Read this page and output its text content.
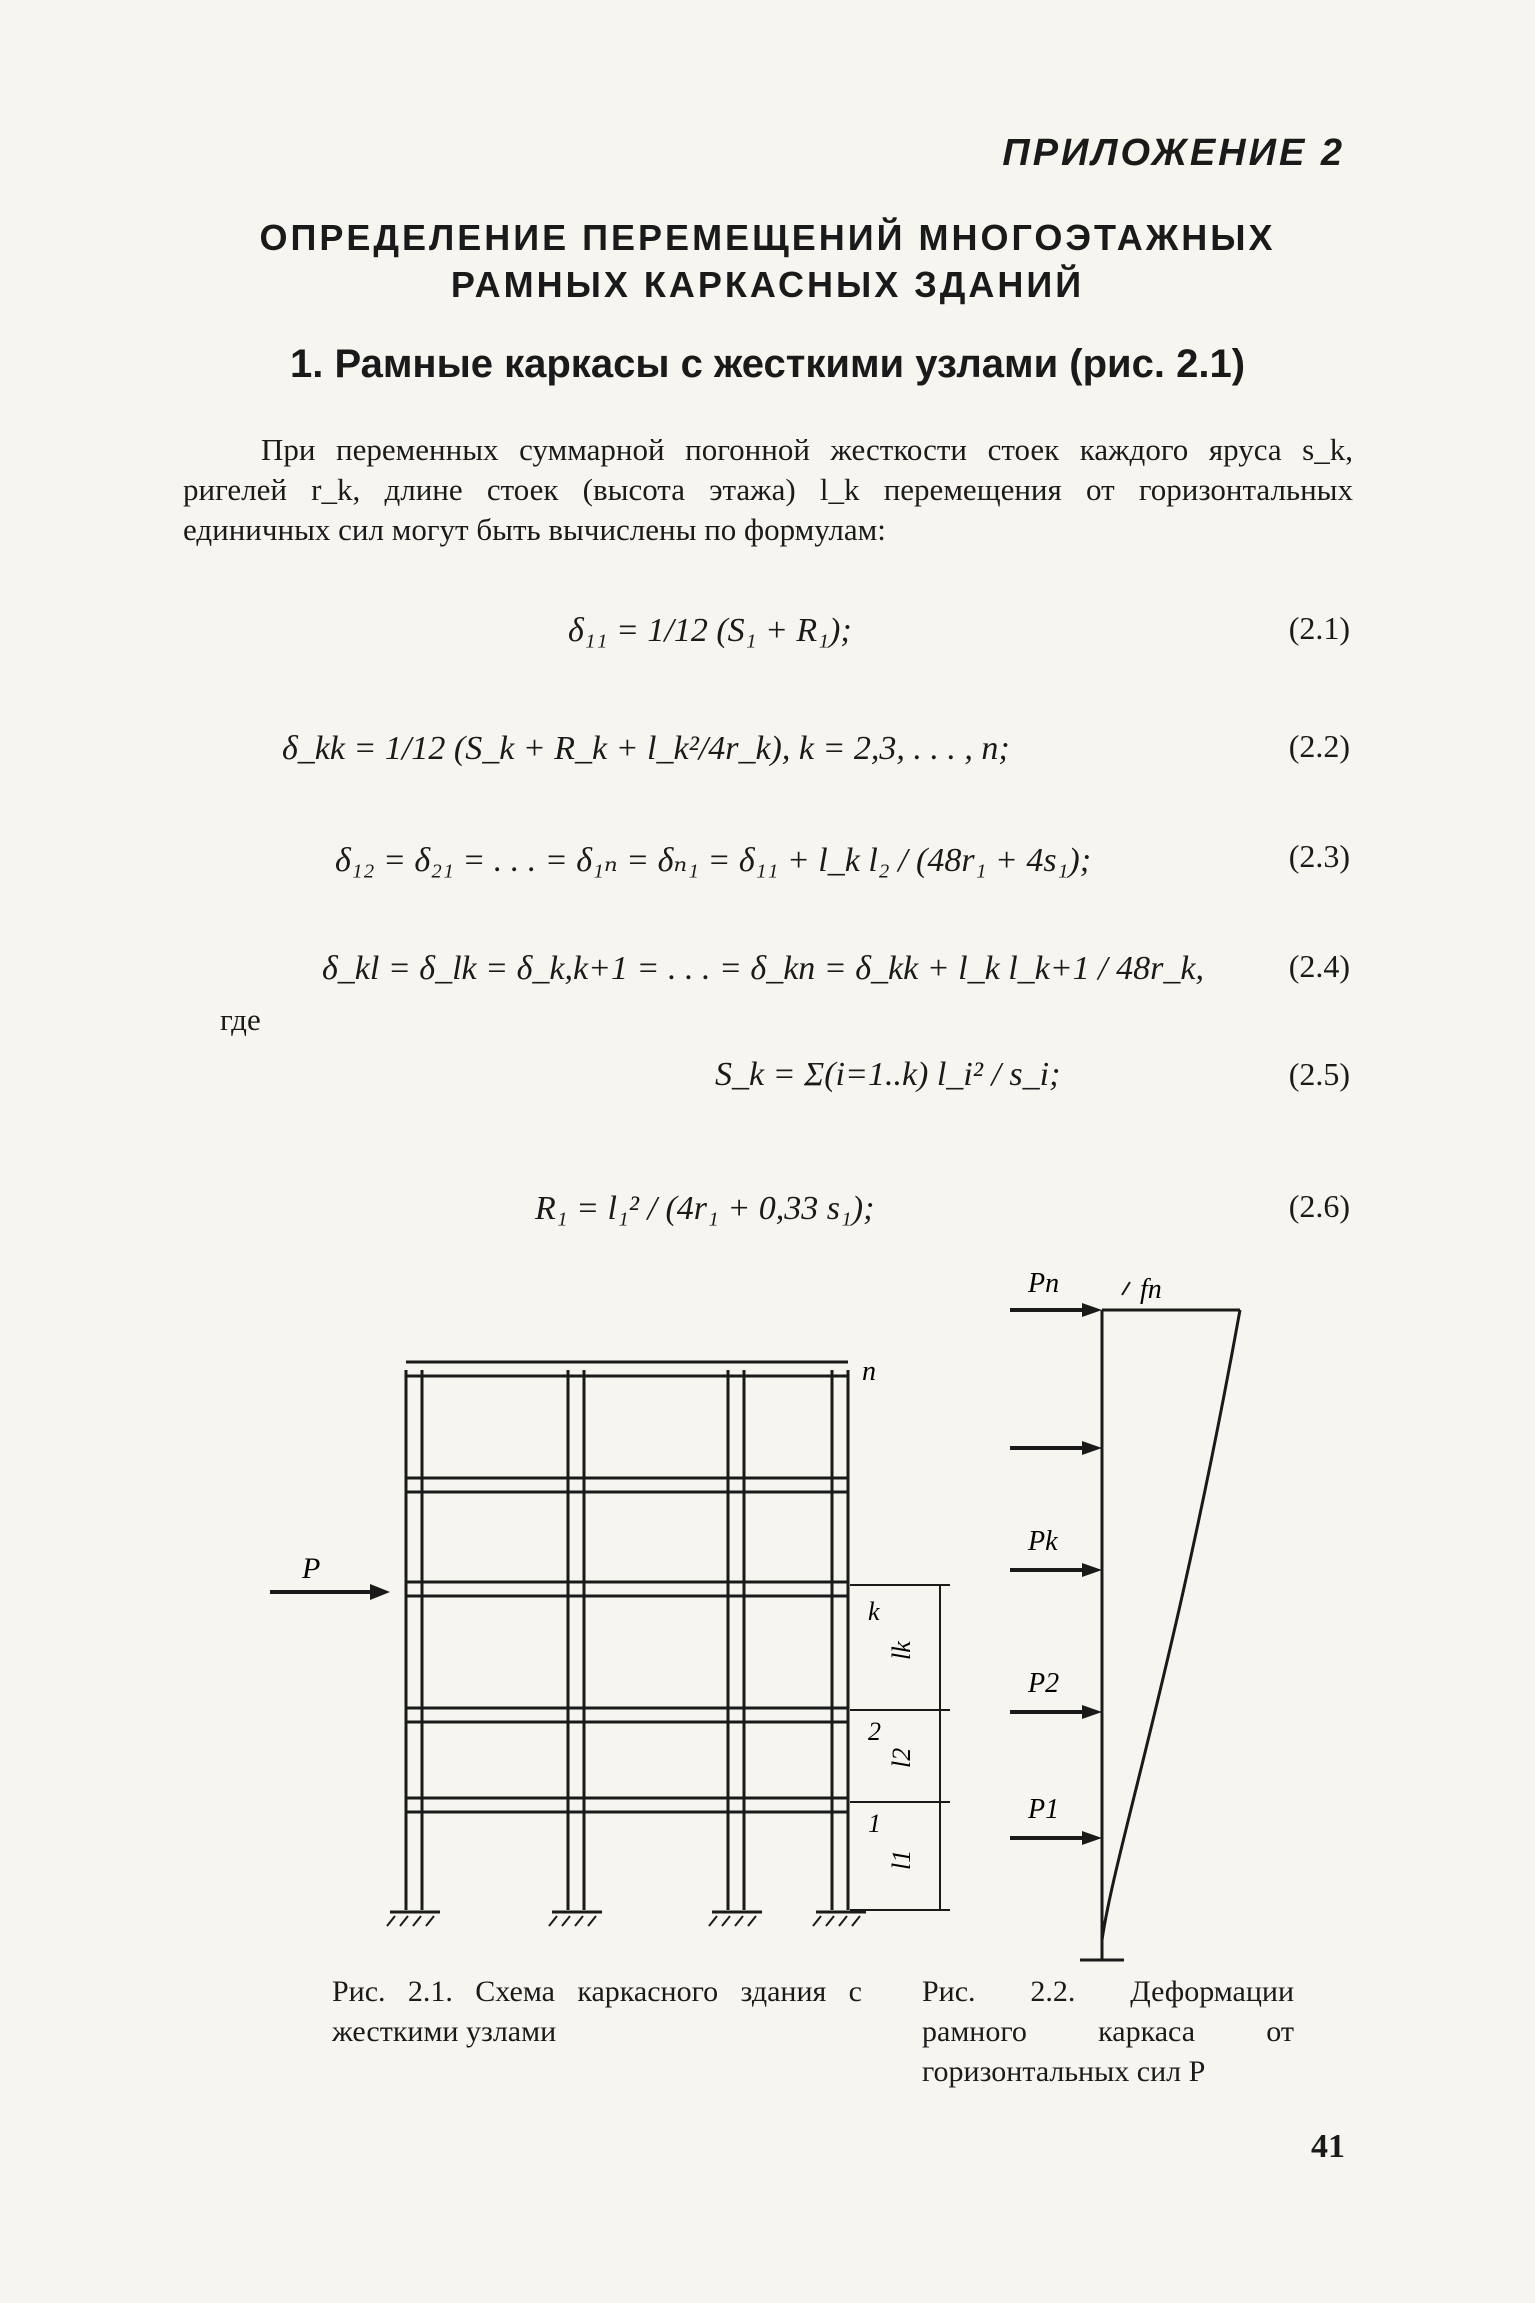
ПРИЛОЖЕНИЕ 2
ОПРЕДЕЛЕНИЕ ПЕРЕМЕЩЕНИЙ МНОГОЭТАЖНЫХ
РАМНЫХ КАРКАСНЫХ ЗДАНИЙ
1. Рамные каркасы с жесткими узлами (рис. 2.1)
При переменных суммарной погонной жесткости стоек каждого яруса s_k, ригелей r_k, длине стоек (высота этажа) l_k перемещения от горизонтальных единичных сил могут быть вычислены по формулам:
δ₁₁ = 1/12 (S₁ + R₁);	(2.1)
δ_kk = 1/12 (S_k + R_k + l_k²/4r_k), k = 2,3, . . . , n;	(2.2)
δ₁₂ = δ₂₁ = . . . = δ₁ₙ = δₙ₁ = δ₁₁ + l_k l₂ / (48r₁ + 4s₁);	(2.3)
δ_kl = δ_lk = δ_k,k+1 = . . . = δ_kn = δ_kk + l_k l_k+1 / 48r_k,	(2.4)
где
S_k = Σ(i=1..k) l_i² / s_i;	(2.5)
R₁ = l₁² / (4r₁ + 0,33 s₁);	(2.6)
P
n
k
2
1
lk
l2
l1
Pn	fn
Pk
P2
P1
Рис. 2.1. Схема каркасного здания с жесткими узлами
Рис. 2.2. Деформации рамного каркаса от горизонтальных сил P
41
